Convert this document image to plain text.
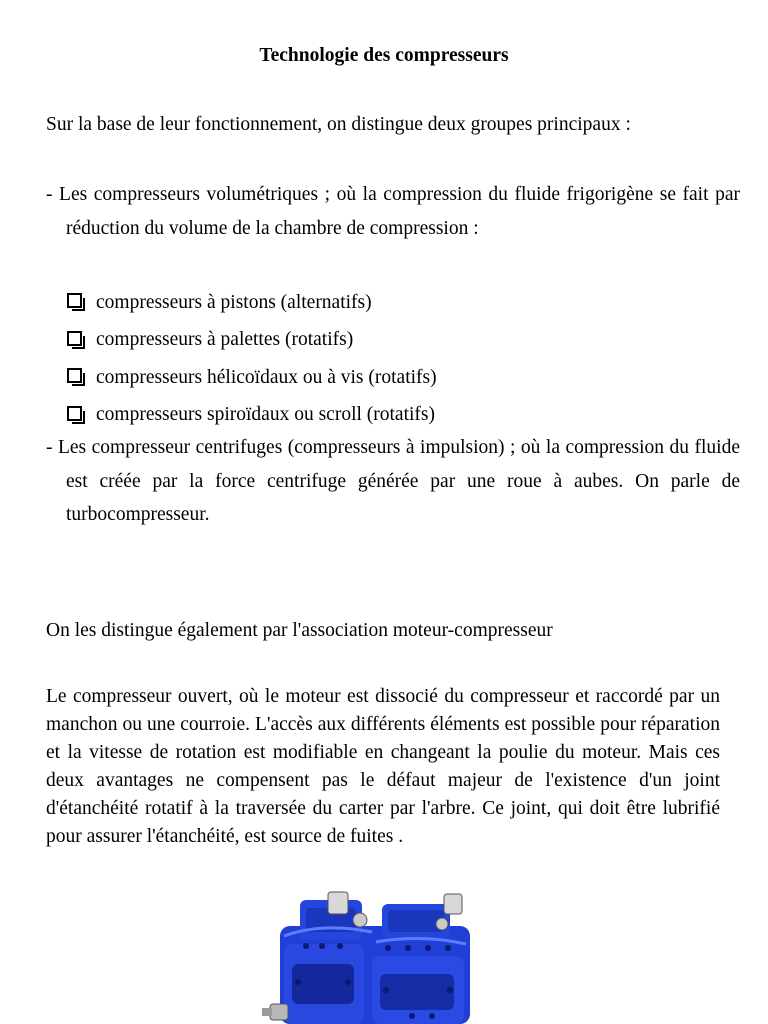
Technologie des compresseurs
Sur la base de leur fonctionnement, on distingue deux groupes principaux :
- Les compresseurs volumétriques ; où la compression du fluide frigorigène se fait par réduction du volume de la chambre de compression :
compresseurs à pistons (alternatifs)
compresseurs à palettes (rotatifs)
compresseurs hélicoïdaux ou à vis (rotatifs)
compresseurs spiroïdaux ou scroll (rotatifs)
- Les compresseur centrifuges (compresseurs à impulsion) ; où la compression du fluide est créée par la force centrifuge générée par une roue à aubes. On parle de turbocompresseur.
On les distingue également par l'association moteur-compresseur
Le compresseur ouvert, où le moteur est dissocié du compresseur et raccordé par un manchon ou une courroie. L'accès aux différents éléments est possible pour réparation et la vitesse de rotation est modifiable en changeant la poulie du moteur. Mais ces deux avantages ne compensent pas le défaut majeur de l'existence d'un joint d'étanchéité rotatif à la traversée du carter par l'arbre. Ce joint, qui doit être lubrifié pour assurer l'étanchéité, est source de fuites .
